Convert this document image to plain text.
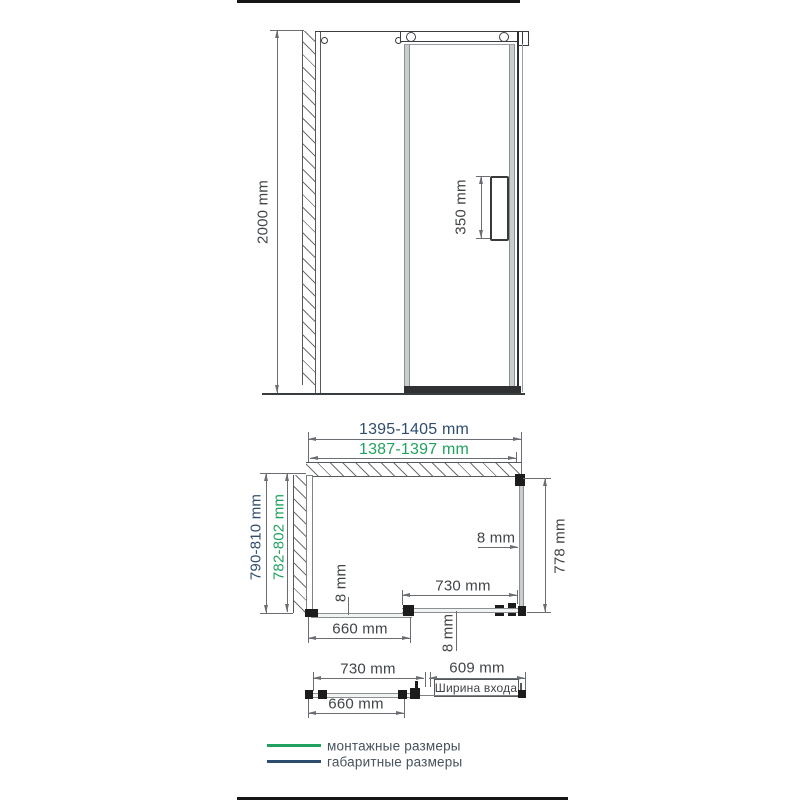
2000 mm	350 mm
1395-1405 mm
1387-1397 mm
790-810 mm 782-802 mm	778 mm
8 mm
8 mm
8 mm
730 mm
660 mm
730 mm	609 mm
Ширина входа
660 mm
монтажные размеры
габаритные размеры
